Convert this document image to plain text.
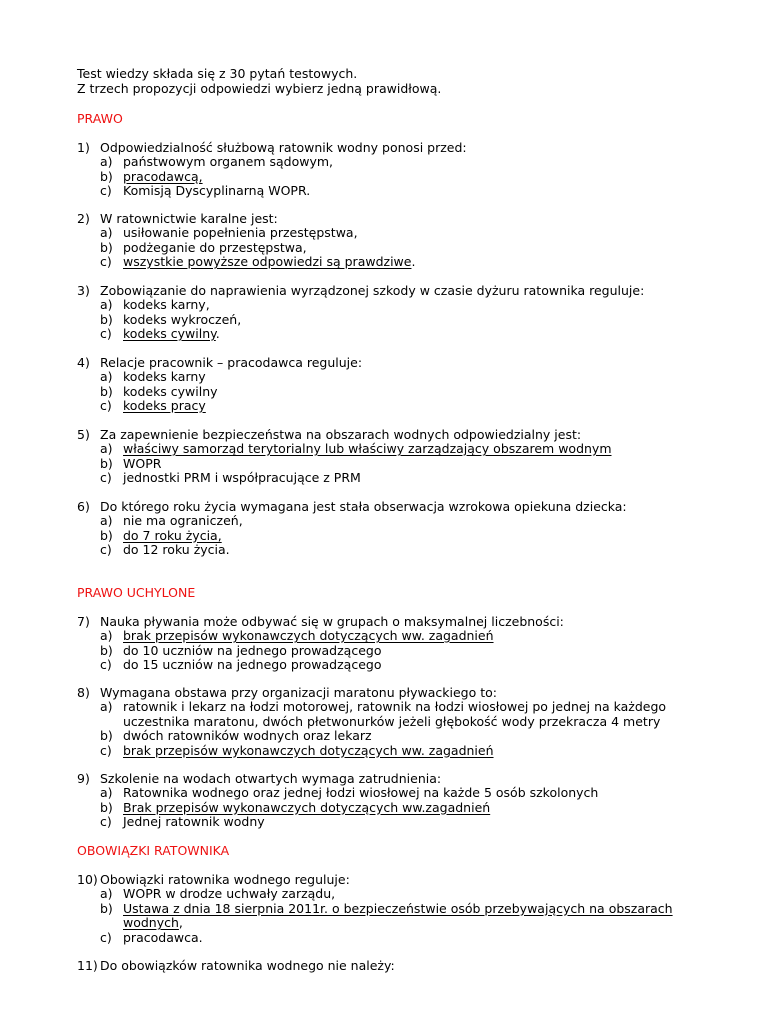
Test wiedzy składa się z 30 pytań testowych.
Z trzech propozycji odpowiedzi wybierz jedną prawidłową.
PRAWO
1) Odpowiedzialność służbową ratownik wodny ponosi przed:
a) państwowym organem sądowym,
b) pracodawcą,
c) Komisją Dyscyplinarną WOPR.
2) W ratownictwie karalne jest:
a) usiłowanie popełnienia przestępstwa,
b) podżeganie do przestępstwa,
c) wszystkie powyższe odpowiedzi są prawdziwe.
3) Zobowiązanie do naprawienia wyrządzonej szkody w czasie dyżuru ratownika reguluje:
a) kodeks karny,
b) kodeks wykroczeń,
c) kodeks cywilny.
4) Relacje pracownik – pracodawca reguluje:
a) kodeks karny
b) kodeks cywilny
c) kodeks pracy
5) Za zapewnienie bezpieczeństwa na obszarach wodnych odpowiedzialny jest:
a) właściwy samorząd terytorialny lub właściwy zarządzający obszarem wodnym
b) WOPR
c) jednostki PRM i współpracujące z PRM
6) Do którego roku życia wymagana jest stała obserwacja wzrokowa opiekuna dziecka:
a) nie ma ograniczeń,
b) do 7 roku życia,
c) do 12 roku życia.
PRAWO UCHYLONE
7) Nauka pływania może odbywać się w grupach o maksymalnej liczebności:
a) brak przepisów wykonawczych dotyczących ww. zagadnień
b) do 10 uczniów na jednego prowadzącego
c) do 15 uczniów na jednego prowadzącego
8) Wymagana obstawa przy organizacji maratonu pływackiego to:
a) ratownik i lekarz na łodzi motorowej, ratownik na łodzi wiosłowej po jednej na każdego
uczestnika maratonu, dwóch płetwonurków jeżeli głębokość wody przekracza 4 metry
b) dwóch ratowników wodnych oraz lekarz
c) brak przepisów wykonawczych dotyczących ww. zagadnień
9) Szkolenie na wodach otwartych wymaga zatrudnienia:
a) Ratownika wodnego oraz jednej łodzi wiosłowej na każde 5 osób szkolonych
b) Brak przepisów wykonawczych dotyczących ww.zagadnień
c) Jednej ratownik wodny
OBOWIĄZKI RATOWNIKA
10) Obowiązki ratownika wodnego reguluje:
a) WOPR w drodze uchwały zarządu,
b) Ustawa z dnia 18 sierpnia 2011r. o bezpieczeństwie osób przebywających na obszarach
wodnych,
c) pracodawca.
11) Do obowiązków ratownika wodnego nie należy:
